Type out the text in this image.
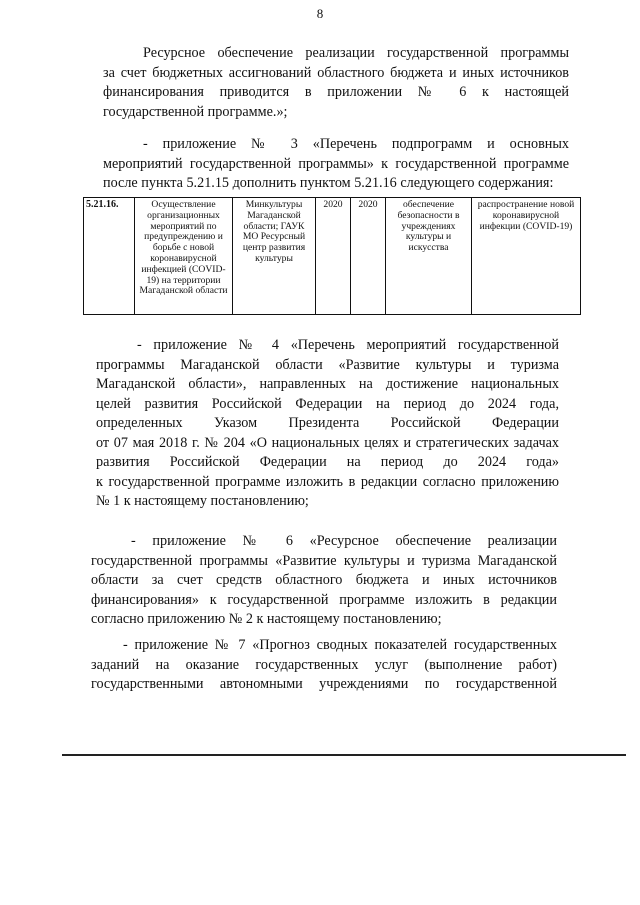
8
Ресурсное обеспечение реализации государственной программы
за счет бюджетных ассигнований областного бюджета и иных источников
финансирования приводится в приложении № 6 к настоящей
государственной программе.»;
- приложение № 3 «Перечень подпрограмм и основных
мероприятий государственной программы» к государственной программе
после пункта 5.21.15 дополнить пунктом 5.21.16 следующего содержания:
5.21.16.	Осуществление организационных мероприятий по предупреждению и борьбе с новой коронавирусной инфекцией (COVID-19) на территории Магаданской области	Минкультуры Магаданской области; ГАУК МО Ресурсный центр развития культуры	2020	2020	обеспечение безопасности в учреждениях культуры и искусства	распространение новой коронавирусной инфекции (COVID-19)
- приложение № 4 «Перечень мероприятий государственной
программы Магаданской области «Развитие культуры и туризма
Магаданской области», направленных на достижение национальных
целей развития Российской Федерации на период до 2024 года,
определенных Указом Президента Российской Федерации
от 07 мая 2018 г. № 204 «О национальных целях и стратегических задачах
развития Российской Федерации на период до 2024 года»
к государственной программе изложить в редакции согласно приложению
№ 1 к настоящему постановлению;
- приложение № 6 «Ресурсное обеспечение реализации
государственной программы «Развитие культуры и туризма Магаданской
области за счет средств областного бюджета и иных источников
финансирования» к государственной программе изложить в редакции
согласно приложению № 2 к настоящему постановлению;
- приложение № 7 «Прогноз сводных показателей государственных
заданий на оказание государственных услуг (выполнение работ)
государственными автономными учреждениями по государственной
